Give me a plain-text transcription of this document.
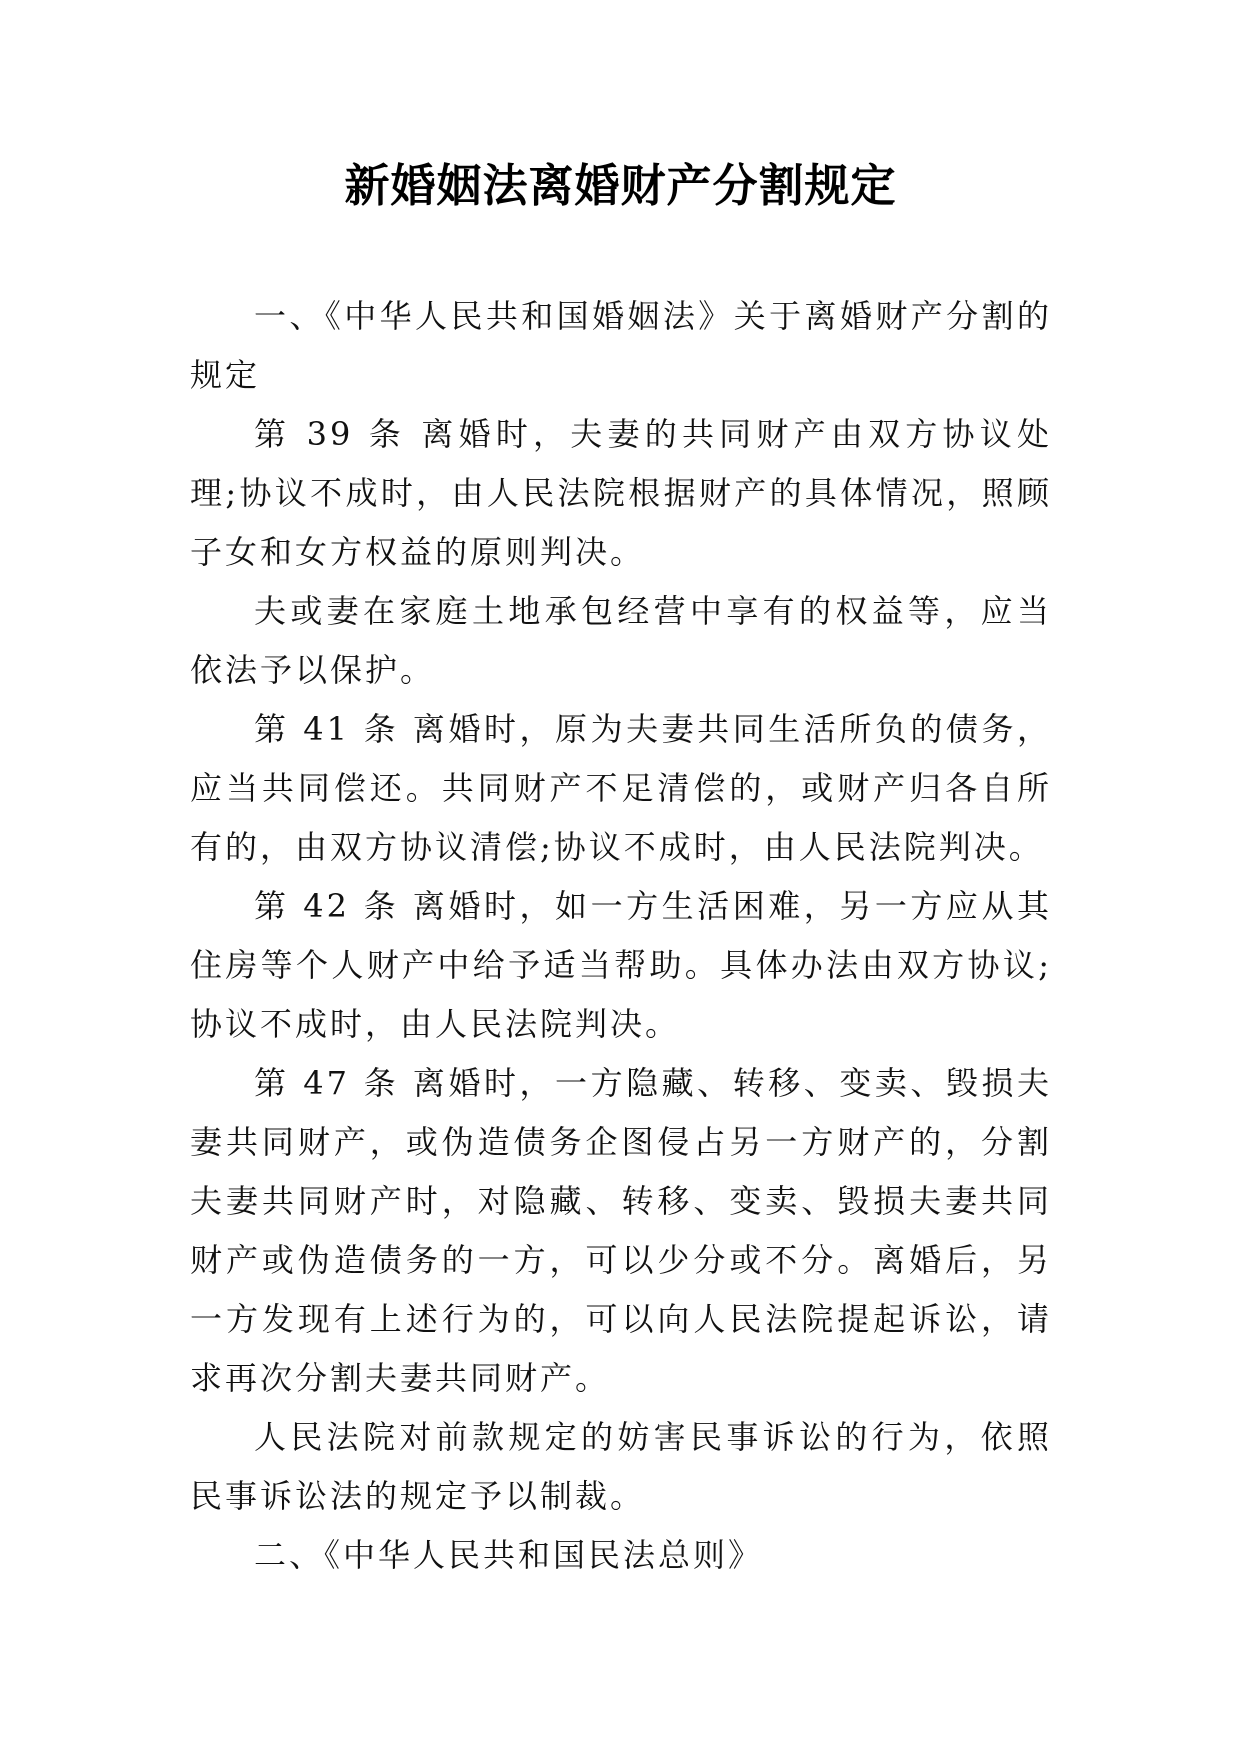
新婚姻法离婚财产分割规定

一、《中华人民共和国婚姻法》关于离婚财产分割的规定

第 39 条 离婚时，夫妻的共同财产由双方协议处理;协议不成时，由人民法院根据财产的具体情况，照顾子女和女方权益的原则判决。

夫或妻在家庭土地承包经营中享有的权益等，应当依法予以保护。

第 41 条 离婚时，原为夫妻共同生活所负的债务，应当共同偿还。共同财产不足清偿的，或财产归各自所有的，由双方协议清偿;协议不成时，由人民法院判决。

第 42 条 离婚时，如一方生活困难，另一方应从其住房等个人财产中给予适当帮助。具体办法由双方协议;协议不成时，由人民法院判决。

第 47 条 离婚时，一方隐藏、转移、变卖、毁损夫妻共同财产，或伪造债务企图侵占另一方财产的，分割夫妻共同财产时，对隐藏、转移、变卖、毁损夫妻共同财产或伪造债务的一方，可以少分或不分。离婚后，另一方发现有上述行为的，可以向人民法院提起诉讼，请求再次分割夫妻共同财产。

人民法院对前款规定的妨害民事诉讼的行为，依照民事诉讼法的规定予以制裁。

二、《中华人民共和国民法总则》
